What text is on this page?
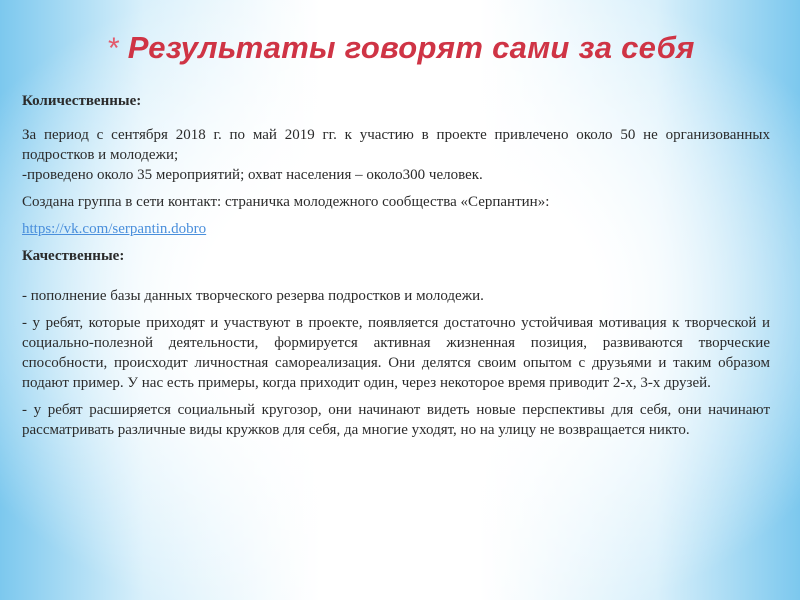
* Результаты говорят сами за себя

Количественные:

За период с сентября 2018 г. по май 2019 гг. к участию в проекте привлечено около 50 не организованных подростков и молодежи;

-проведено около 35 мероприятий; охват населения – около300 человек.

Создана группа в сети контакт: страничка молодежного сообщества «Серпантин»:

https://vk.com/serpantin.dobro

Качественные:

- пополнение базы данных творческого резерва подростков и молодежи.

- у ребят, которые приходят и участвуют в проекте, появляется достаточно устойчивая мотивация к творческой и социально-полезной деятельности, формируется активная жизненная позиция, развиваются творческие способности, происходит личностная самореализация. Они делятся своим опытом с друзьями и таким образом подают пример. У нас есть примеры, когда приходит один, через некоторое время приводит 2-х, 3-х друзей.

- у ребят расширяется социальный кругозор, они начинают видеть новые перспективы для себя, они начинают рассматривать различные виды кружков для себя, да многие уходят, но на улицу не возвращается никто.
